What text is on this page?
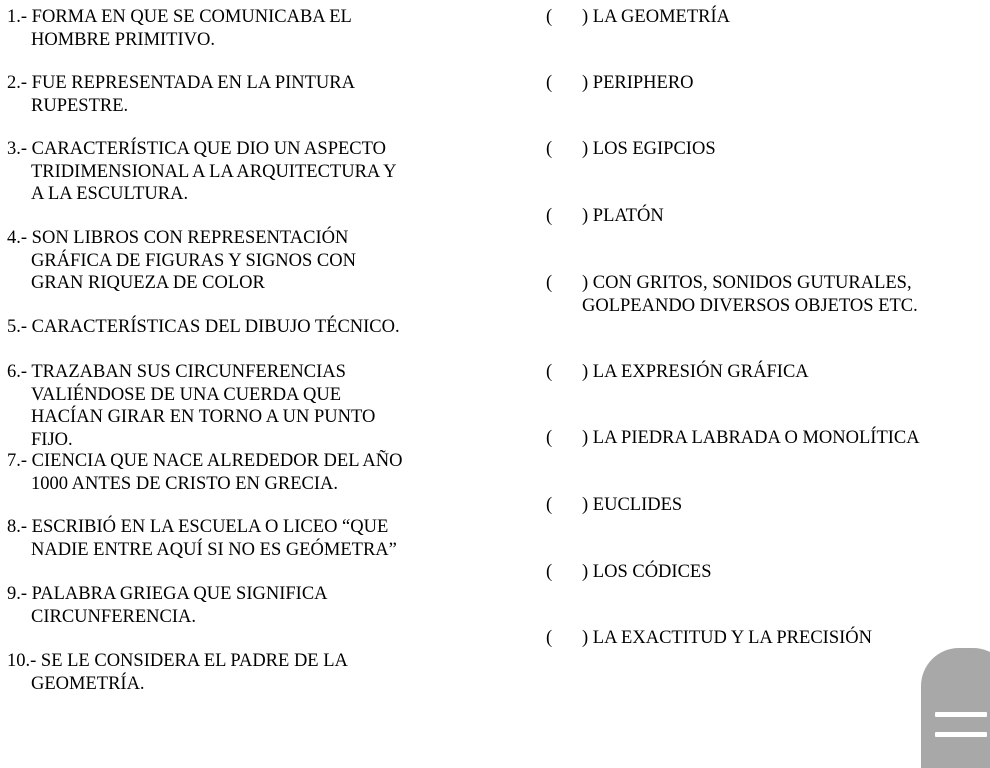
1.- FORMA EN QUE SE COMUNICABA EL
HOMBRE PRIMITIVO.
2.- FUE REPRESENTADA EN LA PINTURA
RUPESTRE.
3.- CARACTERÍSTICA QUE DIO UN ASPECTO
TRIDIMENSIONAL A LA ARQUITECTURA Y
A LA ESCULTURA.
4.- SON LIBROS CON REPRESENTACIÓN
GRÁFICA DE FIGURAS Y SIGNOS CON
GRAN RIQUEZA DE COLOR
5.- CARACTERÍSTICAS DEL DIBUJO TÉCNICO.
6.- TRAZABAN SUS CIRCUNFERENCIAS
VALIÉNDOSE DE UNA CUERDA QUE
HACÍAN GIRAR EN TORNO A UN PUNTO
FIJO.
7.- CIENCIA QUE NACE ALREDEDOR DEL AÑO
1000 ANTES DE CRISTO EN GRECIA.
8.- ESCRIBIÓ EN LA ESCUELA O LICEO “QUE
NADIE ENTRE AQUÍ SI NO ES GEÓMETRA”
9.- PALABRA GRIEGA QUE SIGNIFICA
CIRCUNFERENCIA.
10.- SE LE CONSIDERA EL PADRE DE LA
GEOMETRÍA.
( ) LA GEOMETRÍA
( ) PERIPHERO
( ) LOS EGIPCIOS
( ) PLATÓN
( ) CON GRITOS, SONIDOS GUTURALES,
GOLPEANDO DIVERSOS OBJETOS ETC.
( ) LA EXPRESIÓN GRÁFICA
( ) LA PIEDRA LABRADA O MONOLÍTICA
( ) EUCLIDES
( ) LOS CÓDICES
( ) LA EXACTITUD Y LA PRECISIÓN
